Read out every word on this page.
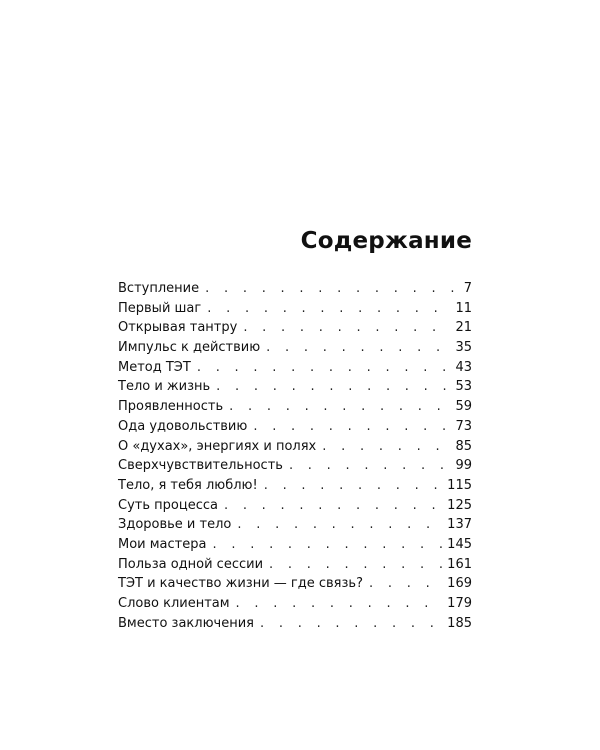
Содержание
Вступление . . .	7
Первый шаг . . .	11
Открывая тантру . . .	21
Импульс к действию . . .	35
Метод ТЭТ . . .	43
Тело и жизнь . . .	53
Проявленность . . .	59
Ода удовольствию . . .	73
О «духах», энергиях и полях . . .	85
Сверхчувствительность . . .	99
Тело, я тебя люблю! . . .	115
Суть процесса . . .	125
Здоровье и тело . . .	137
Мои мастера . . .	145
Польза одной сессии . . .	161
ТЭТ и качество жизни — где связь? . . .	169
Слово клиентам . . .	179
Вместо заключения . . .	185
